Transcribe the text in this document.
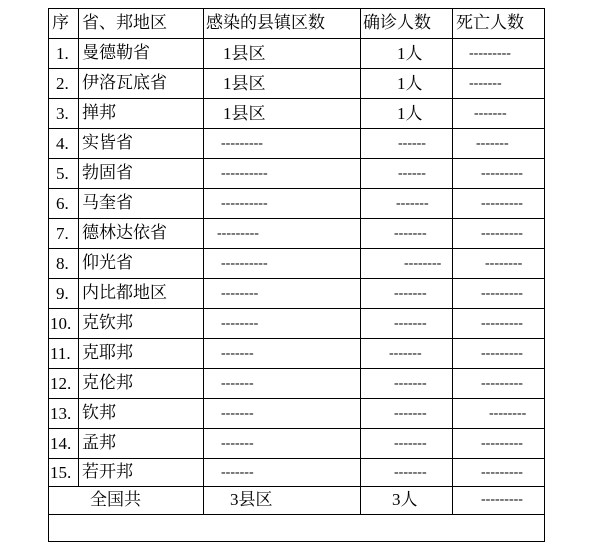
序 省、邦地区 感染的县镇区数 确诊人数 死亡人数
1. 曼德勒省	1县区	1人	---------
2. 伊洛瓦底省	1县区	1人	-------
3. 掸邦	1县区	1人	-------
4. 实皆省	---------	------	-------
5. 勃固省	----------	------	---------
6. 马奎省	----------	-------	---------
7. 德林达依省	---------	-------	---------
8. 仰光省	----------	--------	--------
9. 内比都地区	--------	-------	---------
10. 克钦邦	--------	-------	---------
11. 克耶邦	-------	-------	---------
12. 克伦邦	-------	-------	---------
13. 钦邦	-------	-------	--------
14. 孟邦	-------	-------	---------
15. 若开邦	-------	-------	---------
全国共	3县区	3人	---------
